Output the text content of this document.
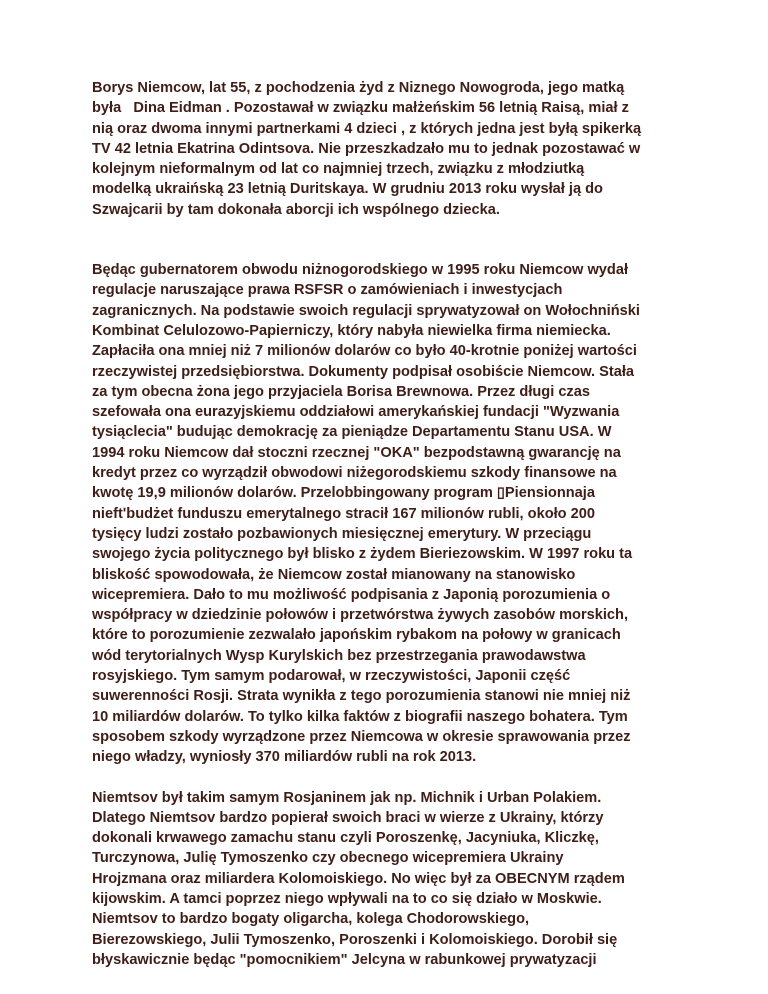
Borys Niemcow, lat 55, z pochodzenia żyd z Niznego Nowogroda, jego matką
była   Dina Eidman . Pozostawał w związku małżeńskim 56 letnią Raisą, miał z
nią oraz dwoma innymi partnerkami 4 dzieci , z których jedna jest byłą spikerką
TV 42 letnia Ekatrina Odintsova. Nie przeszkadzało mu to jednak pozostawać w
kolejnym nieformalnym od lat co najmniej trzech, związku z młodziutką
modelką ukraińską 23 letnią Duritskaya. W grudniu 2013 roku wysłał ją do
Szwajcarii by tam dokonała aborcji ich wspólnego dziecka.
Będąc gubernatorem obwodu niżnogorodskiego w 1995 roku Niemcow wydał
regulacje naruszające prawa RSFSR o zamówieniach i inwestycjach
zagranicznych. Na podstawie swoich regulacji sprywatyzował on Wołochniński
Kombinat Celulozowo-Papierniczy, który nabyła niewielka firma niemiecka.
Zapłaciła ona mniej niż 7 milionów dolarów co było 40-krotnie poniżej wartości
rzeczywistej przedsiębiorstwa. Dokumenty podpisał osobiście Niemcow. Stała
za tym obecna żona jego przyjaciela Borisa Brewnowa. Przez długi czas
szefowała ona eurazyjskiemu oddziałowi amerykańskiej fundacji "Wyzwania
tysiąclecia" budując demokrację za pieniądze Departamentu Stanu USA. W
1994 roku Niemcow dał stoczni rzecznej "OKA" bezpodstawną gwarancję na
kredyt przez co wyrządził obwodowi niżegorodskiemu szkody finansowe na
kwotę 19,9 milionów dolarów. Przelobbingowany program ▯Piensionnaja
nieftʹbudżet funduszu emerytalnego stracił 167 milionów rubli, około 200
tysięcy ludzi zostało pozbawionych miesięcznej emerytury. W przeciągu
swojego życia politycznego był blisko z żydem Bieriezowskim. W 1997 roku ta
bliskość spowodowała, że Niemcow został mianowany na stanowisko
wicepremiera. Dało to mu możliwość podpisania z Japonią porozumienia o
współpracy w dziedzinie połowów i przetwórstwa żywych zasobów morskich,
które to porozumienie zezwalało japońskim rybakom na połowy w granicach
wód terytorialnych Wysp Kurylskich bez przestrzegania prawodawstwa
rosyjskiego. Tym samym podarował, w rzeczywistości, Japonii część
suwerenności Rosji. Strata wynikła z tego porozumienia stanowi nie mniej niż
10 miliardów dolarów. To tylko kilka faktów z biografii naszego bohatera. Tym
sposobem szkody wyrządzone przez Niemcowa w okresie sprawowania przez
niego władzy, wyniosły 370 miliardów rubli na rok 2013.
Niemtsov był takim samym Rosjaninem jak np. Michnik i Urban Polakiem.
Dlatego Niemtsov bardzo popierał swoich braci w wierze z Ukrainy, którzy
dokonali krwawego zamachu stanu czyli Poroszenkę, Jacyniuka, Kliczkę,
Turczynowa, Julię Tymoszenko czy obecnego wicepremiera Ukrainy
Hrojzmana oraz miliardera Kolomoiskiego. No więc był za OBECNYM rządem
kijowskim. A tamci poprzez niego wpływali na to co się działo w Moskwie.
Niemtsov to bardzo bogaty oligarcha, kolega Chodorowskiego,
Bierezowskiego, Julii Tymoszenko, Poroszenki i Kolomoiskiego. Dorobił się
błyskawicznie będąc "pomocnikiem" Jelcyna w rabunkowej prywatyzacji
